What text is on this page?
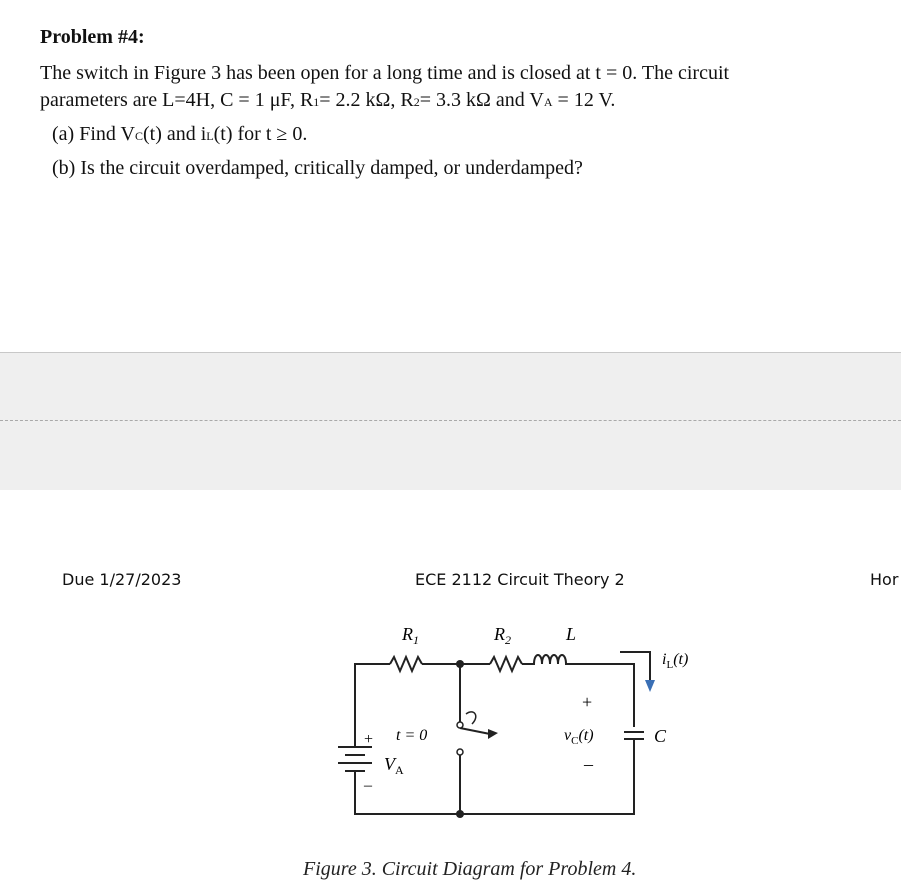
Problem #4:
The switch in Figure 3 has been open for a long time and is closed at t = 0. The circuit
parameters are L=4H, C = 1 μF, R1= 2.2 kΩ, R2= 3.3 kΩ and VA = 12 V.
(a) Find VC(t) and iL(t) for t ≥ 0.
(b) Is the circuit overdamped, critically damped, or underdamped?
Due 1/27/2023	ECE 2112 Circuit Theory 2	Hor
$R_1$	$R_2$	L
$i_L(t)$
+
$v_C(t)$
–
C
t = 0
+
$V_A$
–
Figure 3. Circuit Diagram for Problem 4.
